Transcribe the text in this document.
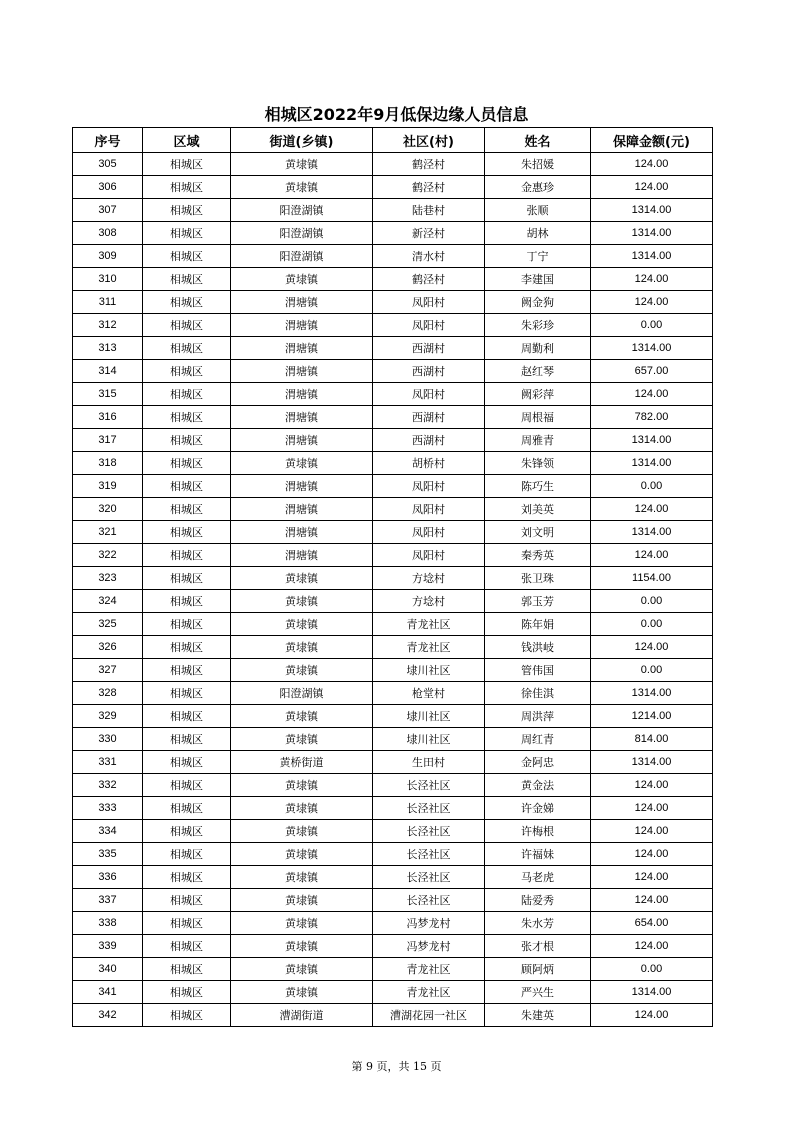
相城区2022年9月低保边缘人员信息
序号	区域	街道(乡镇)	社区(村)	姓名	保障金额(元)
305	相城区	黄埭镇	鹤泾村	朱招媛	124.00
306	相城区	黄埭镇	鹤泾村	金惠珍	124.00
307	相城区	阳澄湖镇	陆巷村	张顺	1314.00
308	相城区	阳澄湖镇	新泾村	胡林	1314.00
309	相城区	阳澄湖镇	清水村	丁宁	1314.00
310	相城区	黄埭镇	鹤泾村	李建国	124.00
311	相城区	渭塘镇	凤阳村	阙金狗	124.00
312	相城区	渭塘镇	凤阳村	朱彩珍	0.00
313	相城区	渭塘镇	西湖村	周勤利	1314.00
314	相城区	渭塘镇	西湖村	赵红琴	657.00
315	相城区	渭塘镇	凤阳村	阙彩萍	124.00
316	相城区	渭塘镇	西湖村	周根福	782.00
317	相城区	渭塘镇	西湖村	周雅青	1314.00
318	相城区	黄埭镇	胡桥村	朱锋领	1314.00
319	相城区	渭塘镇	凤阳村	陈巧生	0.00
320	相城区	渭塘镇	凤阳村	刘美英	124.00
321	相城区	渭塘镇	凤阳村	刘文明	1314.00
322	相城区	渭塘镇	凤阳村	秦秀英	124.00
323	相城区	黄埭镇	方埝村	张卫珠	1154.00
324	相城区	黄埭镇	方埝村	郭玉芳	0.00
325	相城区	黄埭镇	青龙社区	陈年娟	0.00
326	相城区	黄埭镇	青龙社区	钱洪岐	124.00
327	相城区	黄埭镇	埭川社区	管伟国	0.00
328	相城区	阳澄湖镇	枪堂村	徐佳淇	1314.00
329	相城区	黄埭镇	埭川社区	周洪萍	1214.00
330	相城区	黄埭镇	埭川社区	周红青	814.00
331	相城区	黄桥街道	生田村	金阿忠	1314.00
332	相城区	黄埭镇	长泾社区	黄金法	124.00
333	相城区	黄埭镇	长泾社区	许金娣	124.00
334	相城区	黄埭镇	长泾社区	许梅根	124.00
335	相城区	黄埭镇	长泾社区	许福妹	124.00
336	相城区	黄埭镇	长泾社区	马老虎	124.00
337	相城区	黄埭镇	长泾社区	陆爱秀	124.00
338	相城区	黄埭镇	冯梦龙村	朱水芳	654.00
339	相城区	黄埭镇	冯梦龙村	张才根	124.00
340	相城区	黄埭镇	青龙社区	顾阿炳	0.00
341	相城区	黄埭镇	青龙社区	严兴生	1314.00
342	相城区	漕湖街道	漕湖花园一社区	朱建英	124.00
第 9 页，共 15 页
